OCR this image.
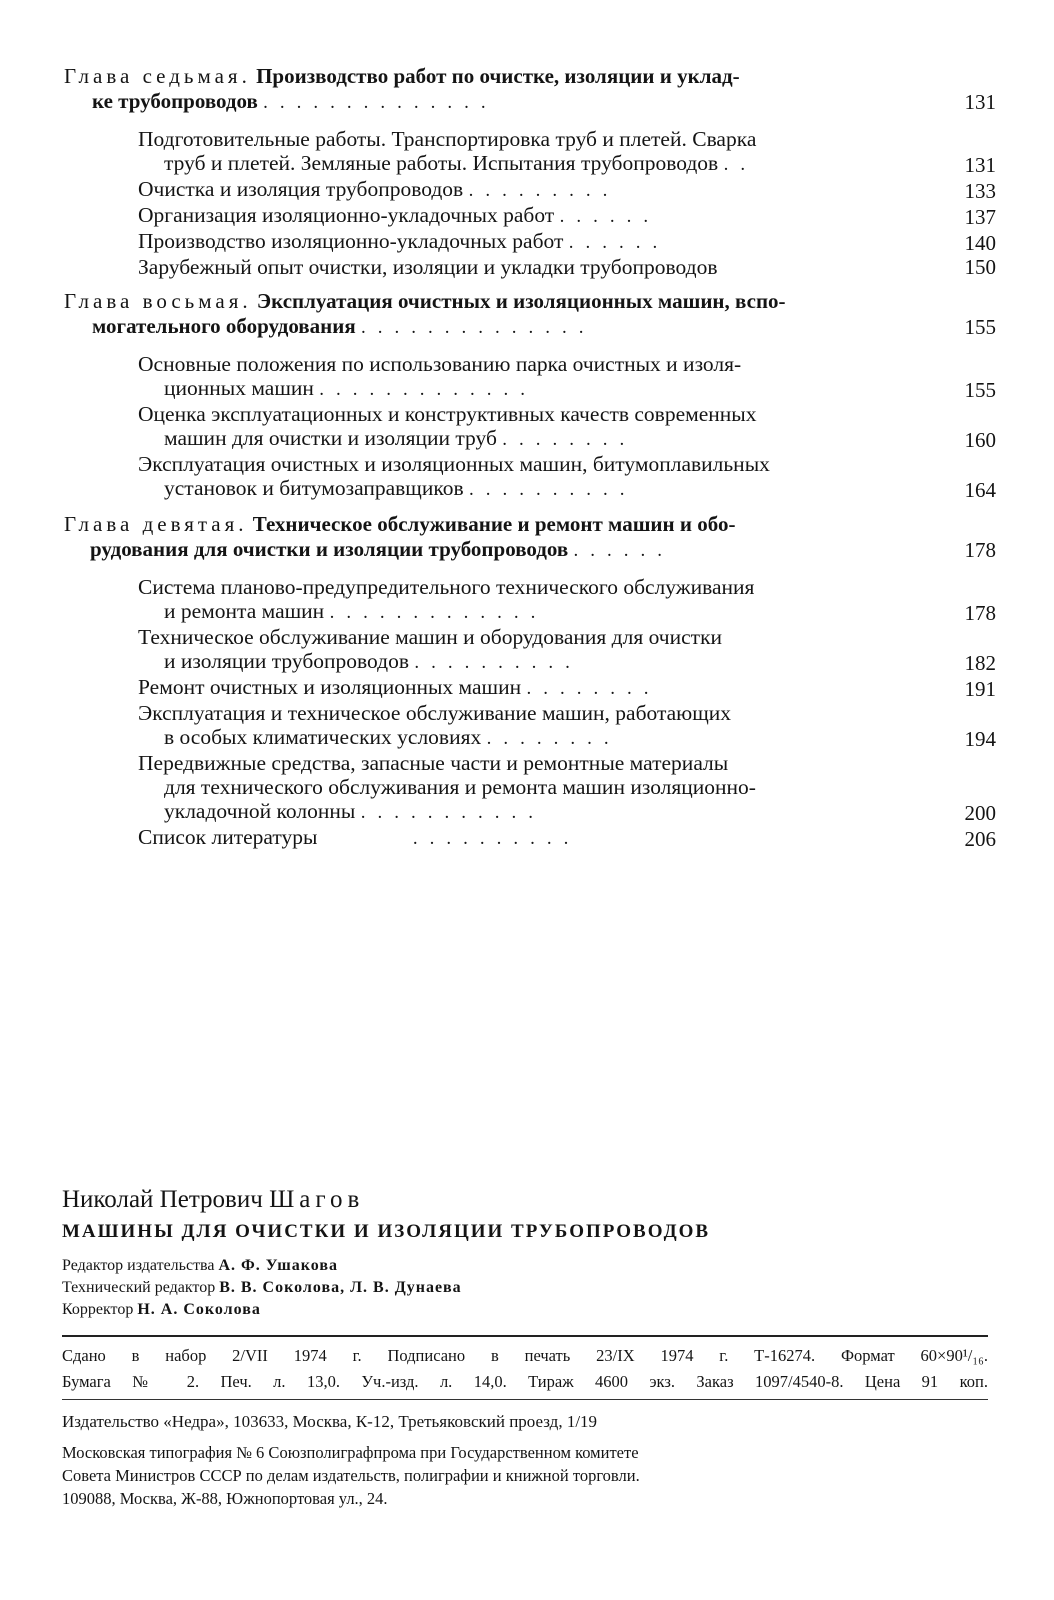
Глава седьмая. Производство работ по очистке, изоляции и уклад-
ке трубопроводов ..............	131
Подготовительные работы. Транспортировка труб и плетей. Сварка
труб и плетей. Земляные работы. Испытания трубопроводов ..	131
Очистка и изоляция трубопроводов .........	133
Организация изоляционно-укладочных работ ......	137
Производство изоляционно-укладочных работ ......	140
Зарубежный опыт очистки, изоляции и укладки трубопроводов	150
Глава восьмая. Эксплуатация очистных и изоляционных машин, вспо-
могательного оборудования ..............	155
Основные положения по использованию парка очистных и изоля-
ционных машин .............	155
Оценка эксплуатационных и конструктивных качеств современных
машин для очистки и изоляции труб ........	160
Эксплуатация очистных и изоляционных машин, битумоплавильных
установок и битумозаправщиков ..........	164
Глава девятая. Техническое обслуживание и ремонт машин и обо-
рудования для очистки и изоляции трубопроводов ......	178
Система планово-предупредительного технического обслуживания
и ремонта машин .............	178
Техническое обслуживание машин и оборудования для очистки
и изоляции трубопроводов ..........	182
Ремонт очистных и изоляционных машин ........	191
Эксплуатация и техническое обслуживание машин, работающих
в особых климатических условиях ........	194
Передвижные средства, запасные части и ремонтные материалы
для технического обслуживания и ремонта машин изоляционно-
укладочной колонны ...........	200
Список литературы	..........	206
Николай Петрович Шагов
МАШИНЫ ДЛЯ ОЧИСТКИ И ИЗОЛЯЦИИ ТРУБОПРОВОДОВ
Редактор издательства А. Ф. Ушакова
Технический редактор В. В. Соколова, Л. В. Дунаева
Корректор Н. А. Соколова
Сдано в набор 2/VII 1974 г. Подписано в печать 23/IX 1974 г. Т-16274. Формат 60×90¹/₁₆.
Бумага № 2. Печ. л. 13,0. Уч.-изд. л. 14,0. Тираж 4600 экз. Заказ 1097/4540-8. Цена 91 коп.
Издательство «Недра», 103633, Москва, К-12, Третьяковский проезд, 1/19
Московская типография № 6 Союзполиграфпрома при Государственном комитете
Совета Министров СССР по делам издательств, полиграфии и книжной торговли.
109088, Москва, Ж-88, Южнопортовая ул., 24.
